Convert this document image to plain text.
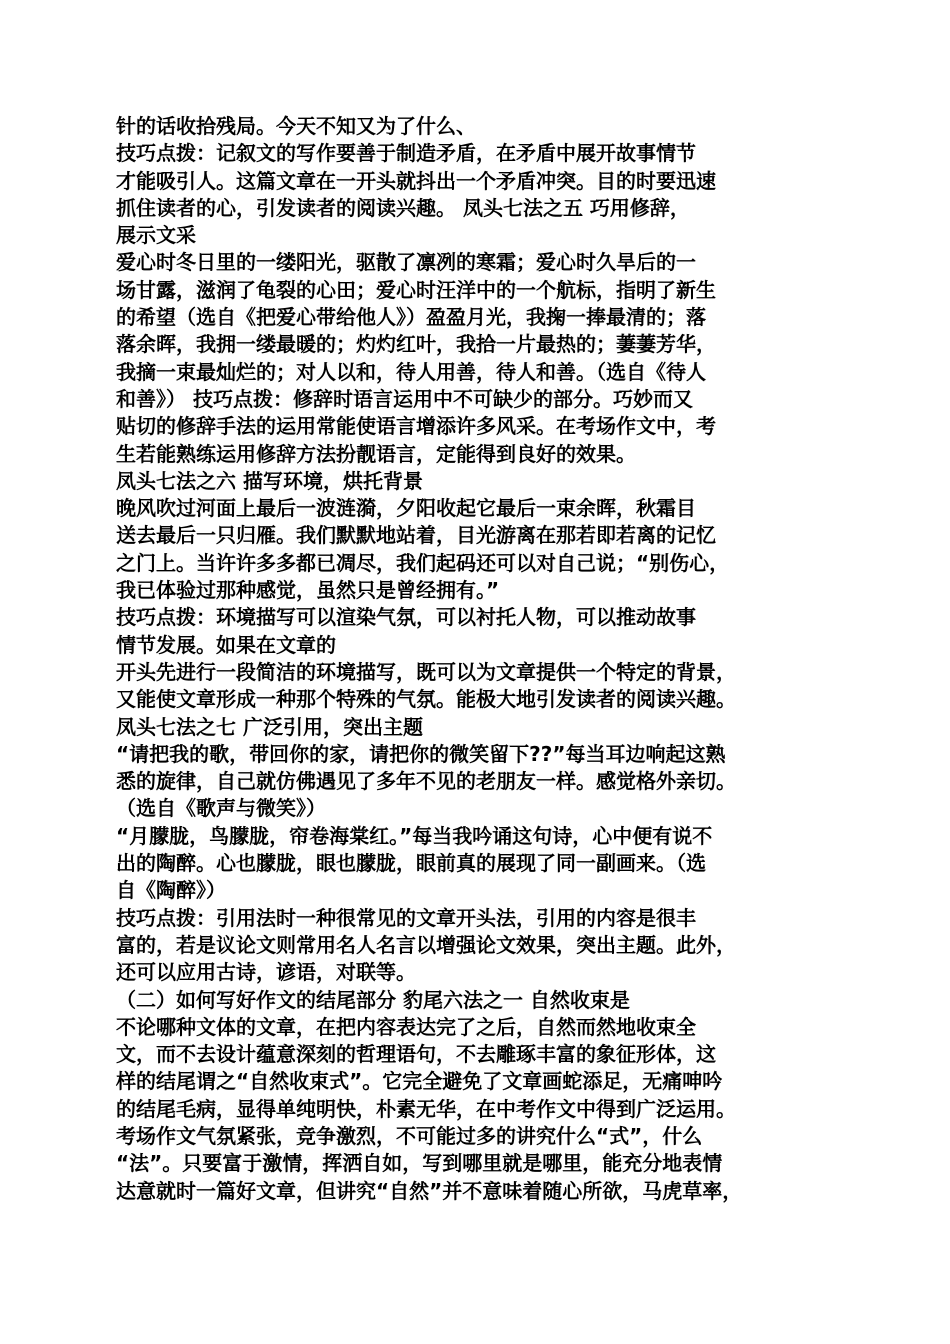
针的话收拾残局。今天不知又为了什么、
技巧点拨：记叙文的写作要善于制造矛盾，在矛盾中展开故事情节
才能吸引人。这篇文章在一开头就抖出一个矛盾冲突。目的时要迅速
抓住读者的心，引发读者的阅读兴趣。 凤头七法之五 巧用修辞，
展示文采
爱心时冬日里的一缕阳光，驱散了凛冽的寒霜；爱心时久旱后的一
场甘露，滋润了龟裂的心田；爱心时汪洋中的一个航标，指明了新生
的希望（选自《把爱心带给他人》）盈盈月光，我掬一捧最清的；落
落余晖，我拥一缕最暖的；灼灼红叶，我拾一片最热的；萋萋芳华，
我摘一束最灿烂的；对人以和，待人用善，待人和善。（选自《待人
和善》） 技巧点拨：修辞时语言运用中不可缺少的部分。巧妙而又
贴切的修辞手法的运用常能使语言增添许多风采。在考场作文中，考
生若能熟练运用修辞方法扮靓语言，定能得到良好的效果。
凤头七法之六 描写环境，烘托背景
晚风吹过河面上最后一波涟漪，夕阳收起它最后一束余晖，秋霜目
送去最后一只归雁。我们默默地站着，目光游离在那若即若离的记忆
之门上。当许许多多都已凋尽，我们起码还可以对自己说；“别伤心，
我已体验过那种感觉，虽然只是曾经拥有。”
技巧点拨：环境描写可以渲染气氛，可以衬托人物，可以推动故事
情节发展。如果在文章的
开头先进行一段简洁的环境描写，既可以为文章提供一个特定的背景，
又能使文章形成一种那个特殊的气氛。能极大地引发读者的阅读兴趣。
凤头七法之七 广泛引用，突出主题
“请把我的歌，带回你的家，请把你的微笑留下??”每当耳边响起这熟
悉的旋律，自己就仿佛遇见了多年不见的老朋友一样。感觉格外亲切。
（选自《歌声与微笑》）
“月朦胧，鸟朦胧，帘卷海棠红。”每当我吟诵这句诗，心中便有说不
出的陶醉。心也朦胧，眼也朦胧，眼前真的展现了同一副画来。（选
自《陶醉》）
技巧点拨：引用法时一种很常见的文章开头法，引用的内容是很丰
富的，若是议论文则常用名人名言以增强论文效果，突出主题。此外，
还可以应用古诗，谚语，对联等。
（二）如何写好作文的结尾部分 豹尾六法之一 自然收束是
不论哪种文体的文章，在把内容表达完了之后，自然而然地收束全
文，而不去设计蕴意深刻的哲理语句，不去雕琢丰富的象征形体，这
样的结尾谓之“自然收束式”。它完全避免了文章画蛇添足，无痛呻吟
的结尾毛病，显得单纯明快，朴素无华，在中考作文中得到广泛运用。
考场作文气氛紧张，竞争激烈，不可能过多的讲究什么“式”，什么
“法”。只要富于激情，挥洒自如，写到哪里就是哪里，能充分地表情
达意就时一篇好文章，但讲究“自然”并不意味着随心所欲，马虎草率，
